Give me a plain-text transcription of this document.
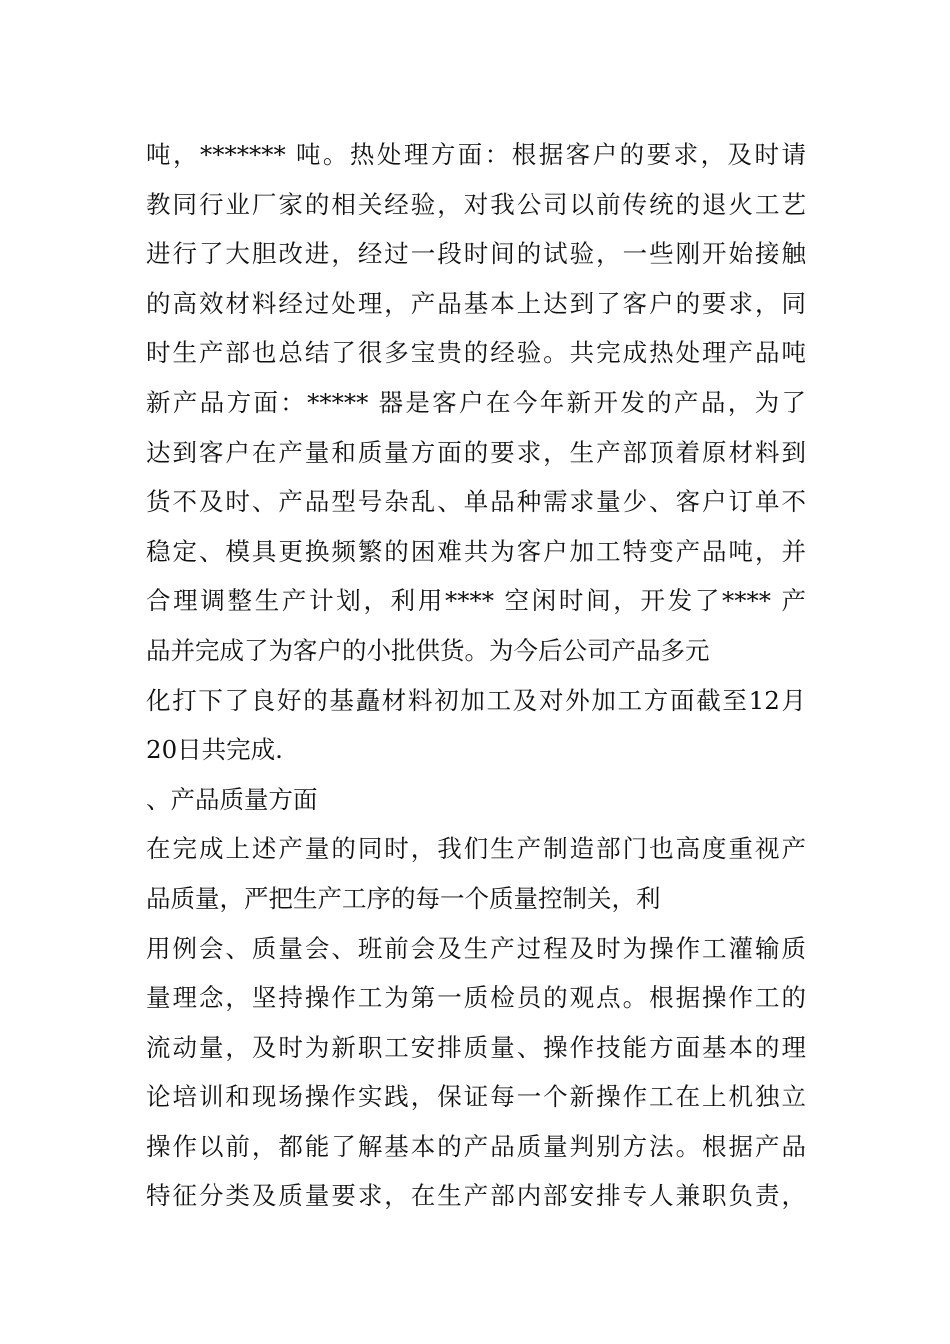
吨，******* 吨。热处理方面：根据客户的要求，及时请
教同行业厂家的相关经验，对我公司以前传统的退火工艺
进行了大胆改进，经过一段时间的试验，一些刚开始接触
的高效材料经过处理，产品基本上达到了客户的要求，同
时生产部也总结了很多宝贵的经验。共完成热处理产品吨
新产品方面：***** 器是客户在今年新开发的产品，为了
达到客户在产量和质量方面的要求，生产部顶着原材料到
货不及时、产品型号杂乱、单品种需求量少、客户订单不
稳定、模具更换频繁的困难共为客户加工特变产品吨，并
合理调整生产计划，利用**** 空闲时间，开发了**** 产
品并完成了为客户的小批供货。为今后公司产品多元
化打下了良好的基矗材料初加工及对外加工方面截至12月
20日共完成.
、产品质量方面
在完成上述产量的同时，我们生产制造部门也高度重视产
品质量，严把生产工序的每一个质量控制关，利
用例会、质量会、班前会及生产过程及时为操作工灌输质
量理念，坚持操作工为第一质检员的观点。根据操作工的
流动量，及时为新职工安排质量、操作技能方面基本的理
论培训和现场操作实践，保证每一个新操作工在上机独立
操作以前，都能了解基本的产品质量判别方法。根据产品
特征分类及质量要求，在生产部内部安排专人兼职负责，
